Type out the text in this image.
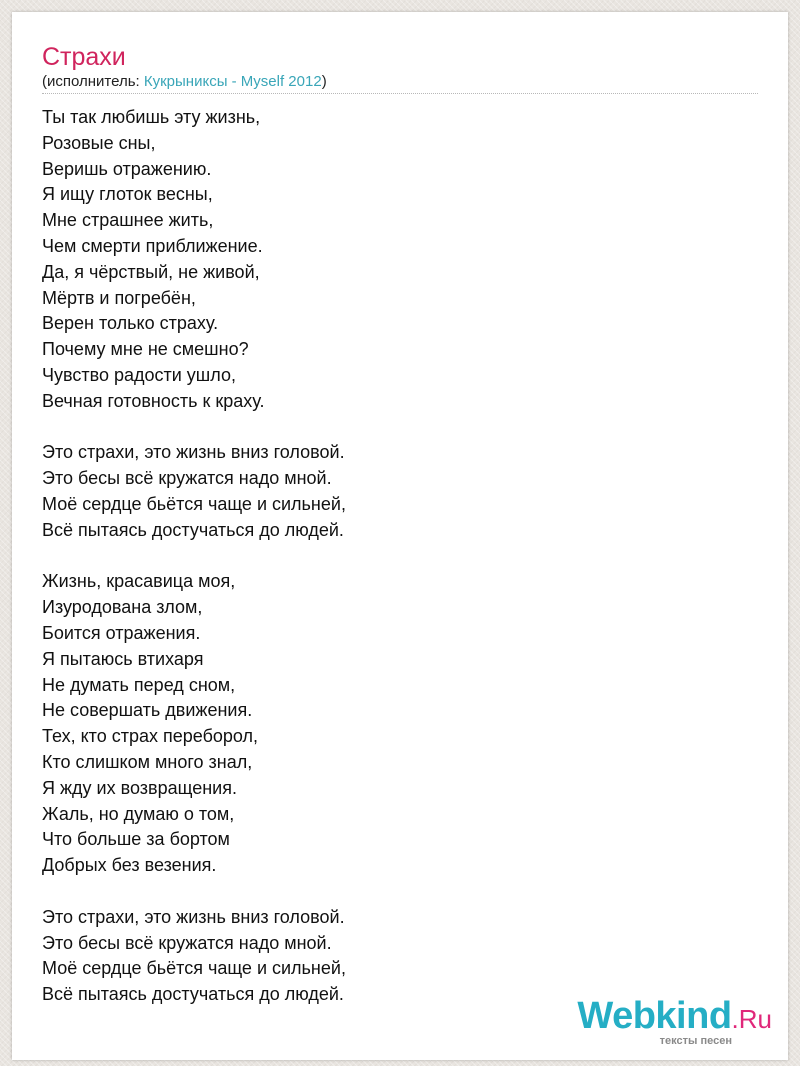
Страхи
(исполнитель: Кукрыниксы - Myself 2012)
Ты так любишь эту жизнь,
Розовые сны,
Веришь отражению.
Я ищу глоток весны,
Мне страшнее жить,
Чем смерти приближение.
Да, я чёрствый, не живой,
Мёртв и погребён,
Верен только страху.
Почему мне не смешно?
Чувство радости ушло,
Вечная готовность к краху.

Это страхи, это жизнь вниз головой.
Это бесы всё кружатся надо мной.
Моё сердце бьётся чаще и сильней,
Всё пытаясь достучаться до людей.

Жизнь, красавица моя,
Изуродована злом,
Боится отражения.
Я пытаюсь втихаря
Не думать перед сном,
Не совершать движения.
Тех, кто страх переборол,
Кто слишком много знал,
Я жду их возвращения.
Жаль, но думаю о том,
Что больше за бортом
Добрых без везения.

Это страхи, это жизнь вниз головой.
Это бесы всё кружатся надо мной.
Моё сердце бьётся чаще и сильней,
Всё пытаясь достучаться до людей.
Webkind.Ru
тексты песен
